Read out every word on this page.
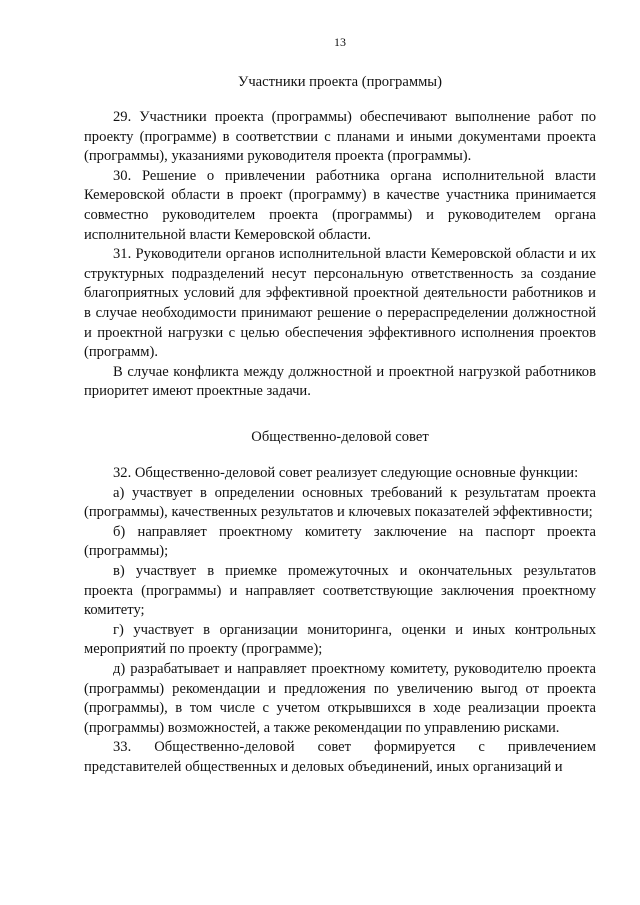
13
Участники проекта (программы)

29. Участники проекта (программы) обеспечивают выполнение работ по проекту (программе) в соответствии с планами и иными документами проекта (программы), указаниями руководителя проекта (программы).

30. Решение о привлечении работника органа исполнительной власти Кемеровской области в проект (программу) в качестве участника принимается совместно руководителем проекта (программы) и руководителем органа исполнительной власти Кемеровской области.

31. Руководители органов исполнительной власти Кемеровской области и их структурных подразделений несут персональную ответственность за создание благоприятных условий для эффективной проектной деятельности работников и в случае необходимости принимают решение о перераспределении должностной и проектной нагрузки с целью обеспечения эффективного исполнения проектов (программ).

В случае конфликта между должностной и проектной нагрузкой работников приоритет имеют проектные задачи.

Общественно-деловой совет

32. Общественно-деловой совет реализует следующие основные функции:

а) участвует в определении основных требований к результатам проекта (программы), качественных результатов и ключевых показателей эффективности;

б) направляет проектному комитету заключение на паспорт проекта (программы);

в) участвует в приемке промежуточных и окончательных результатов проекта (программы) и направляет соответствующие заключения проектному комитету;

г) участвует в организации мониторинга, оценки и иных контрольных мероприятий по проекту (программе);

д) разрабатывает и направляет проектному комитету, руководителю проекта (программы) рекомендации и предложения по увеличению выгод от проекта (программы), в том числе с учетом открывшихся в ходе реализации проекта (программы) возможностей, а также рекомендации по управлению рисками.

33. Общественно-деловой совет формируется с привлечением представителей общественных и деловых объединений, иных организаций и
